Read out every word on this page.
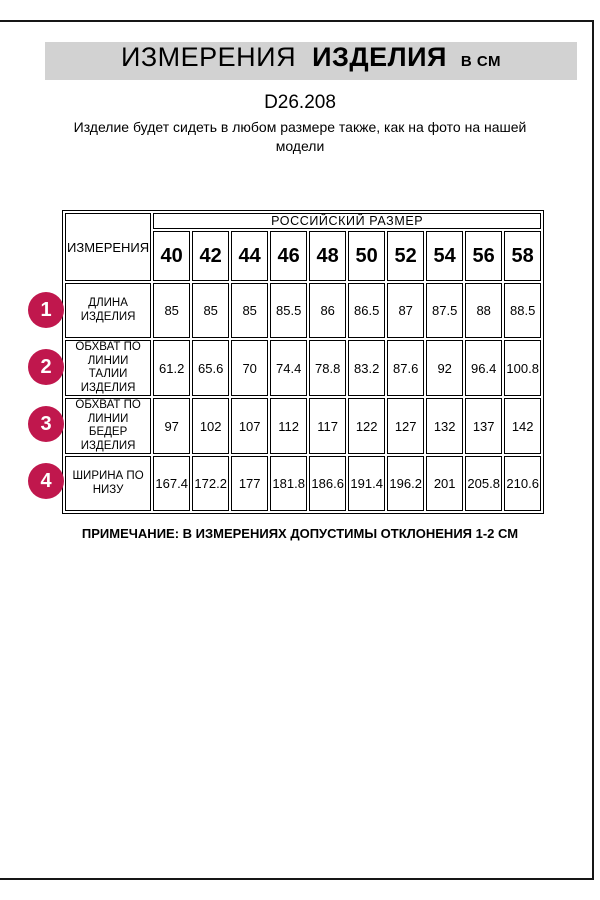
ИЗМЕРЕНИЯ ИЗДЕЛИЯ В СМ
D26.208
Изделие будет сидеть в любом размере также, как на фото на нашей модели
ИЗМЕРЕНИЯ	РОССИЙСКИЙ РАЗМЕР									
	40	42	44	46	48	50	52	54	56	58
ДЛИНА ИЗДЕЛИЯ	85	85	85	85.5	86	86.5	87	87.5	88	88.5
ОБХВАТ ПО ЛИНИИ ТАЛИИ ИЗДЕЛИЯ	61.2	65.6	70	74.4	78.8	83.2	87.6	92	96.4	100.8
ОБХВАТ ПО ЛИНИИ БЕДЕР ИЗДЕЛИЯ	97	102	107	112	117	122	127	132	137	142
ШИРИНА ПО НИЗУ	167.4	172.2	177	181.8	186.6	191.4	196.2	201	205.8	210.6
1
2
3
4
ПРИМЕЧАНИЕ: В ИЗМЕРЕНИЯХ ДОПУСТИМЫ ОТКЛОНЕНИЯ 1-2 СМ
